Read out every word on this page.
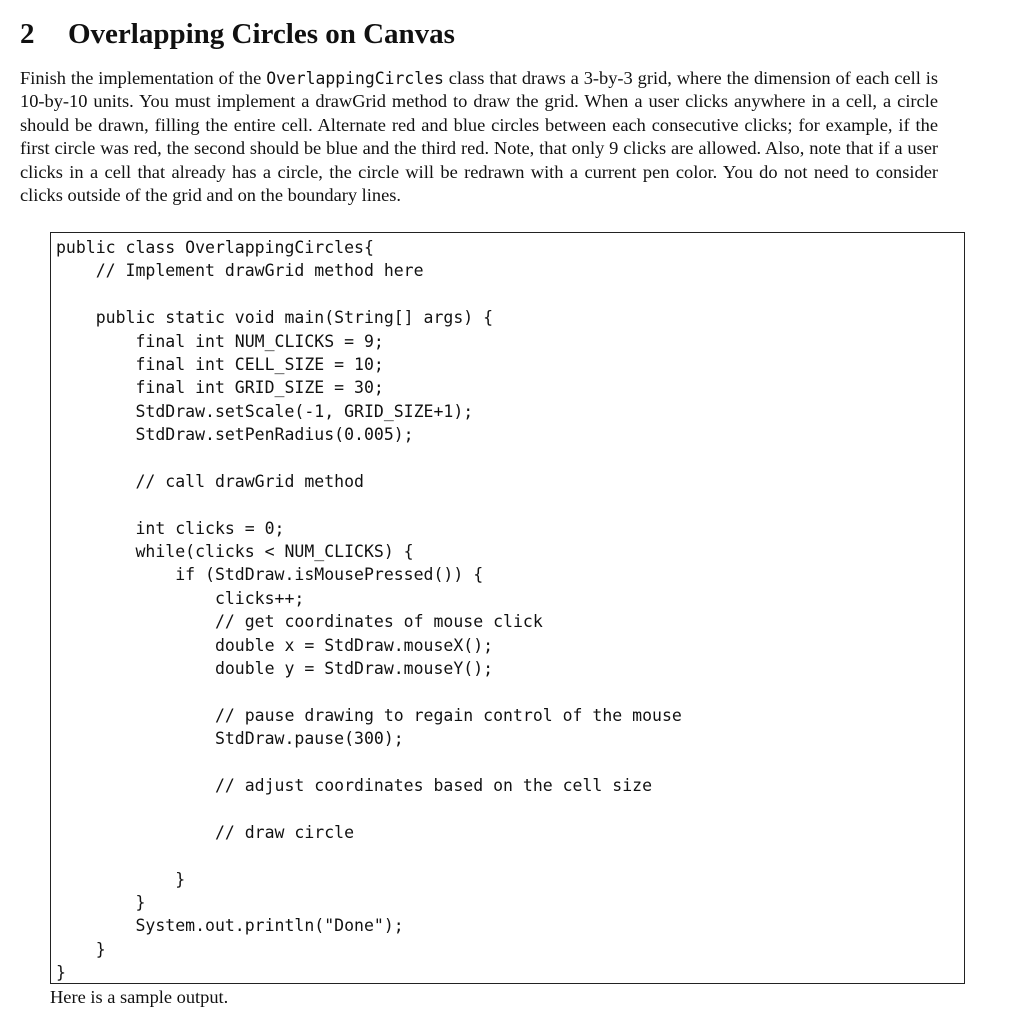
2 Overlapping Circles on Canvas

Finish the implementation of the OverlappingCircles class that draws a 3-by-3 grid, where the dimension of each cell is 10-by-10 units. You must implement a drawGrid method to draw the grid. When a user clicks anywhere in a cell, a circle should be drawn, filling the entire cell. Alternate red and blue circles between each consecutive clicks; for example, if the first circle was red, the second should be blue and the third red. Note, that only 9 clicks are allowed. Also, note that if a user clicks in a cell that already has a circle, the circle will be redrawn with a current pen color. You do not need to consider clicks outside of the grid and on the boundary lines.

public class OverlappingCircles{
// Implement drawGrid method here
public static void main(String[] args) {
final int NUM_CLICKS = 9;
final int CELL_SIZE = 10;
final int GRID_SIZE = 30;
StdDraw.setScale(-1, GRID_SIZE+1);
StdDraw.setPenRadius(0.005);
// call drawGrid method
int clicks = 0;
while(clicks < NUM_CLICKS) {
if (StdDraw.isMousePressed()) {
clicks++;
// get coordinates of mouse click
double x = StdDraw.mouseX();
double y = StdDraw.mouseY();
// pause drawing to regain control of the mouse
StdDraw.pause(300);
// adjust coordinates based on the cell size
// draw circle
}
}
System.out.println("Done");
}
}

Here is a sample output.
